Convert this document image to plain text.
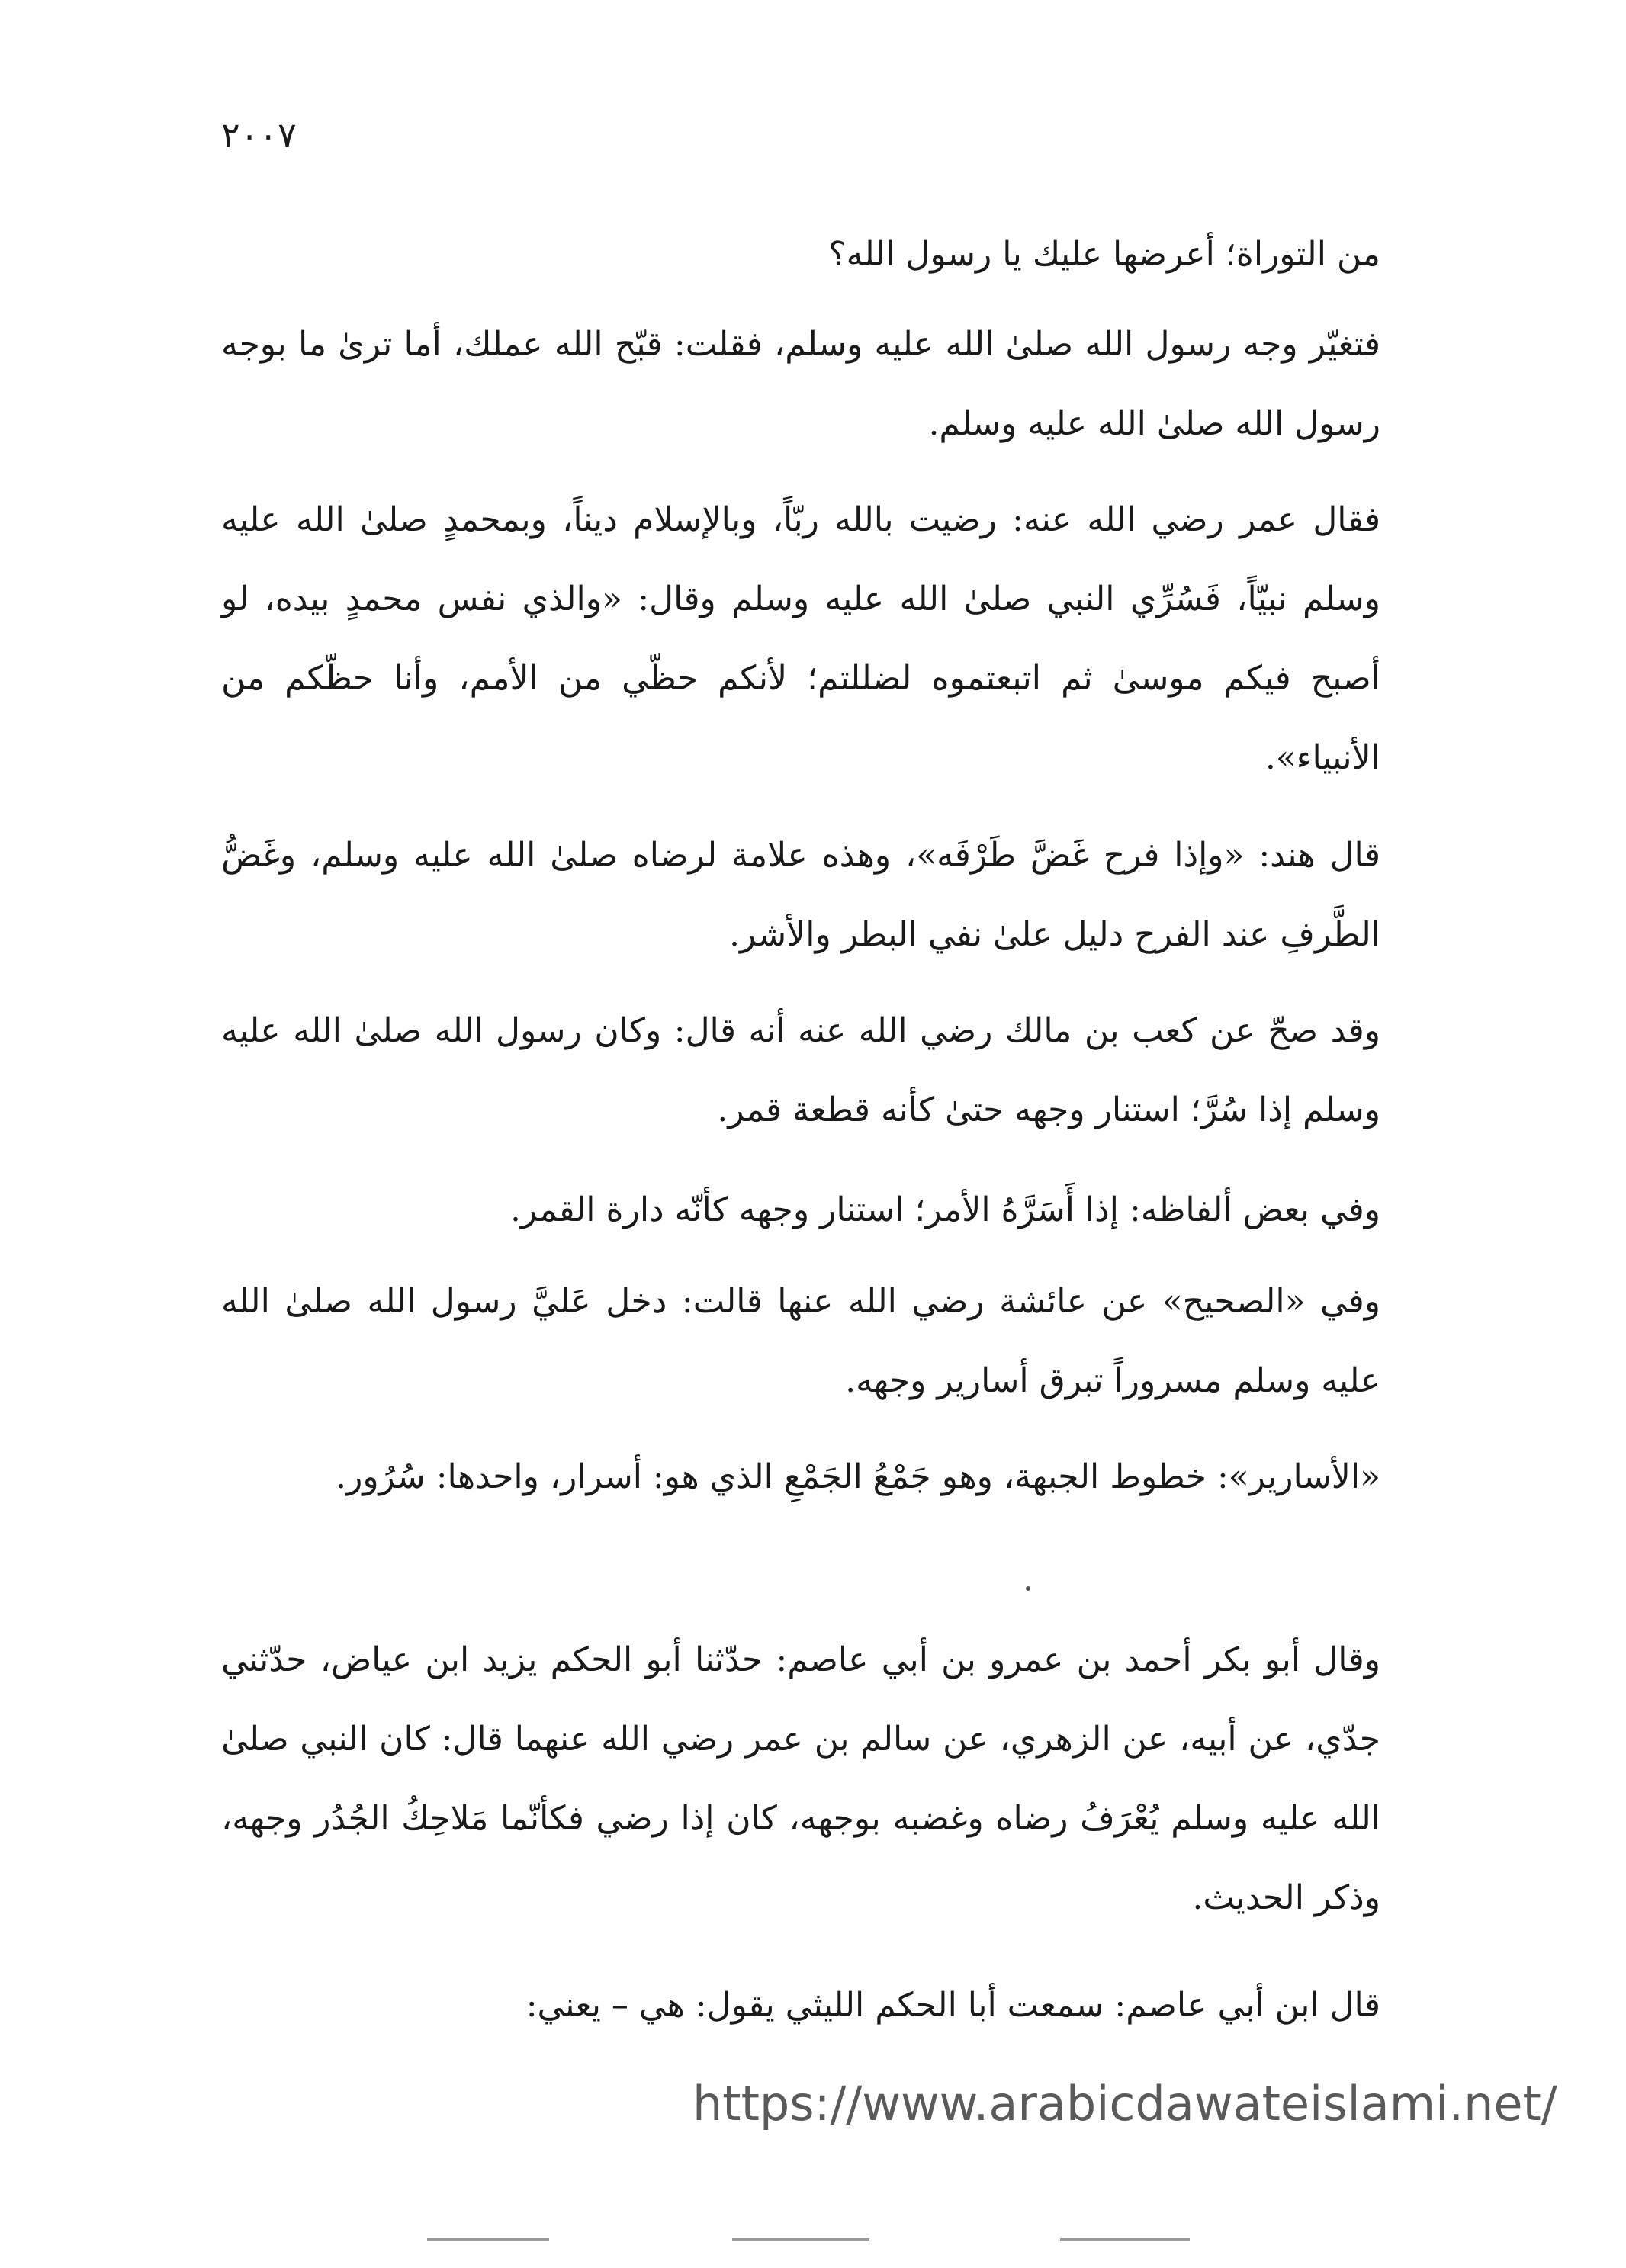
٢٠٠٧
من التوراة؛ أعرضها عليك يا رسول الله؟
فتغيّر وجه رسول الله صلىٰ الله عليه وسلم، فقلت: قبّح الله عملك، أما ترىٰ ما بوجه رسول الله صلىٰ الله عليه وسلم.
فقال عمر رضي الله عنه: رضيت بالله ربّاً، وبالإسلام ديناً، وبمحمدٍ صلىٰ الله عليه وسلم نبيّاً، فَسُرِّي النبي صلىٰ الله عليه وسلم وقال: «والذي نفس محمدٍ بيده، لو أصبح فيكم موسىٰ ثم اتبعتموه لضللتم؛ لأنكم حظّي من الأمم، وأنا حظّكم من الأنبياء».
قال هند: «وإذا فرح غَضَّ طَرْفَه»، وهذه علامة لرضاه صلىٰ الله عليه وسلم، وغَضُّ الطَّرفِ عند الفرح دليل علىٰ نفي البطر والأشر.
وقد صحّ عن كعب بن مالك رضي الله عنه أنه قال: وكان رسول الله صلىٰ الله عليه وسلم إذا سُرَّ؛ استنار وجهه حتىٰ كأنه قطعة قمر.
وفي بعض ألفاظه: إذا أَسَرَّهُ الأمر؛ استنار وجهه كأنّه دارة القمر.
وفي «الصحيح» عن عائشة رضي الله عنها قالت: دخل عَليَّ رسول الله صلىٰ الله عليه وسلم مسروراً تبرق أسارير وجهه.
«الأسارير»: خطوط الجبهة، وهو جَمْعُ الجَمْعِ الذي هو: أسرار، واحدها: سُرُور.
وقال أبو بكر أحمد بن عمرو بن أبي عاصم: حدّثنا أبو الحكم يزيد ابن عياض، حدّثني جدّي، عن أبيه، عن الزهري، عن سالم بن عمر رضي الله عنهما قال: كان النبي صلىٰ الله عليه وسلم يُعْرَفُ رضاه وغضبه بوجهه، كان إذا رضي فكأنّما مَلاحِكُ الجُدُر وجهه، وذكر الحديث.
قال ابن أبي عاصم: سمعت أبا الحكم الليثي يقول: هي – يعني:
https://www.arabicdawateislami.net/
